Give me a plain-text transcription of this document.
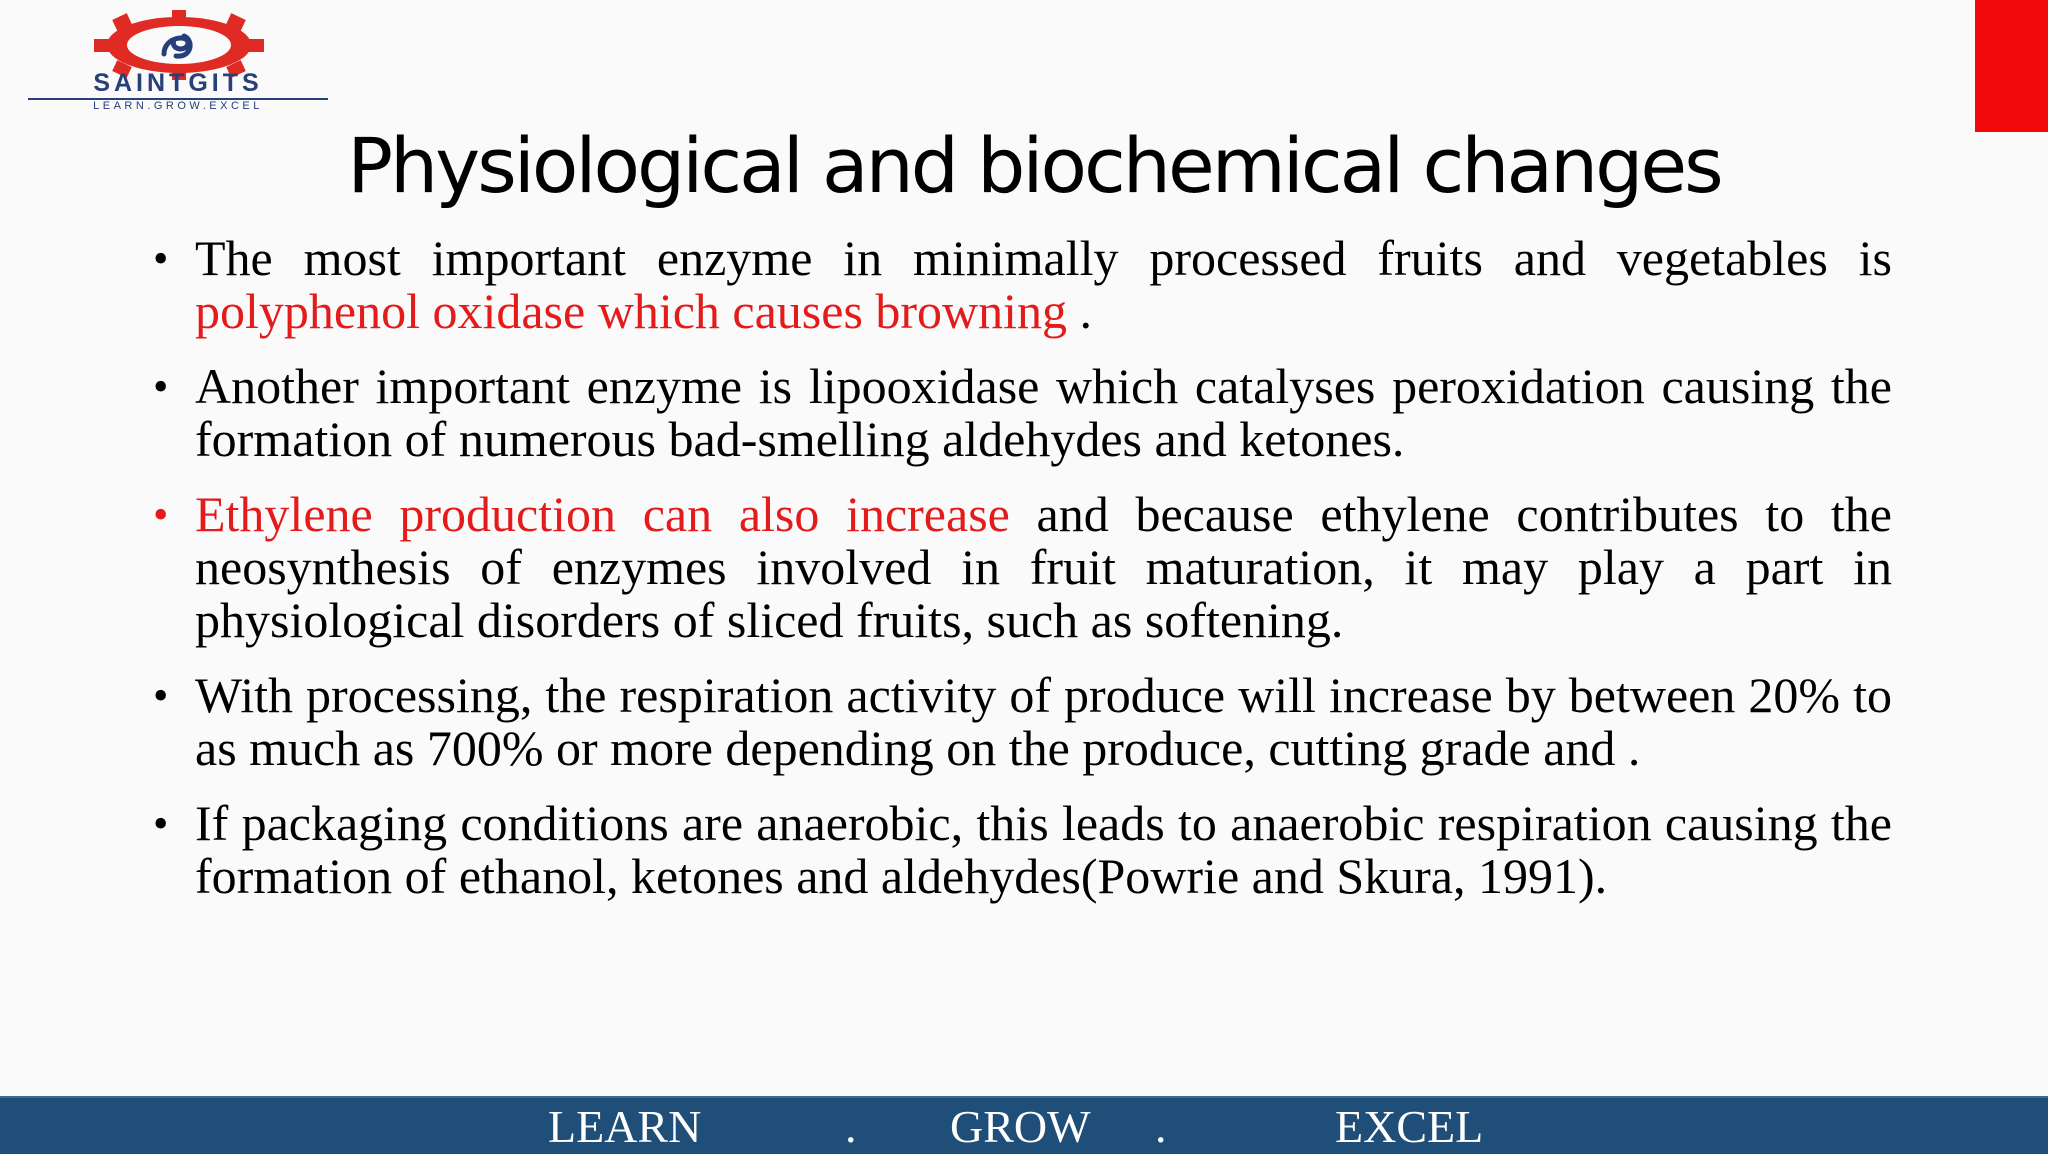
SAINTGITS
LEARN.GROW.EXCEL
Physiological and biochemical changes
• The most important enzyme in minimally processed fruits and vegetables is polyphenol oxidase which causes browning .
• Another important enzyme is lipooxidase which catalyses peroxidation causing the formation of numerous bad-smelling aldehydes and ketones.
• Ethylene production can also increase and because ethylene contributes to the neosynthesis of enzymes involved in fruit maturation, it may play a part in physiological disorders of sliced fruits, such as softening.
• With processing, the respiration activity of produce will increase by between 20% to as much as 700% or more depending on the produce, cutting grade and .
• If packaging conditions are anaerobic, this leads to anaerobic respiration causing the formation of ethanol, ketones and aldehydes(Powrie and Skura, 1991).
LEARN	. GROW .	EXCEL
